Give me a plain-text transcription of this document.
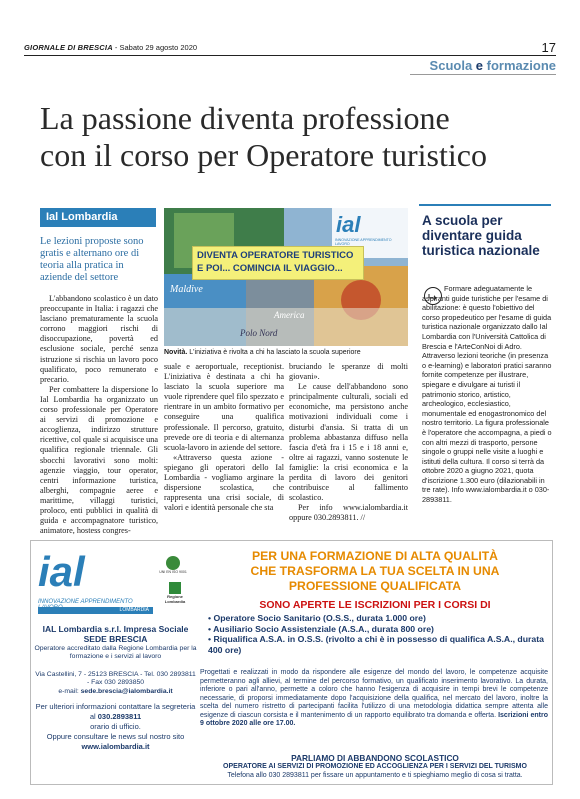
GIORNALE DI BRESCIA - Sabato 29 agosto 2020	17
Scuola e formazione
La passione diventa professione
con il corso per Operatore turistico
Ial Lombardia
Le lezioni proposte sono gratis e alternano ore di teoria alla pratica in aziende del settore

L'abbandono scolastico è un dato preoccupante in Italia: i ragazzi che lasciano prematuramente la scuola corrono maggiori rischi di disoccupazione, povertà ed esclusione sociale, perché senza istruzione si rischia un lavoro poco qualificato, poco remunerato e precario.

Per combattere la dispersione lo Ial Lombardia ha organizzato un corso professionale per Operatore ai servizi di promozione e accoglienza, indirizzo strutture ricettive, col quale si acquisisce una qualifica regionale triennale. Gli sbocchi lavorativi sono molti: agenzie viaggio, tour operator, centri informazione turistica, alberghi, compagnie aeree e marittime, villaggi turistici, proloco, enti pubblici in qualità di guida e accompagnatore turistico, animatore, hostess congres-

ial
INNOVAZIONE APPRENDIMENTO LAVORO
DIVENTA OPERATORE TURISTICO
E POI... COMINCIA IL VIAGGIO...
Maldive
America
Polo Nord
Novità. L'iniziativa è rivolta a chi ha lasciato la scuola superiore

suale e aeroportuale, receptionist. L'iniziativa è destinata a chi ha lasciato la scuola superiore ma vuole riprendere quel filo spezzato e rientrare in un ambito formativo per conseguire una qualifica professionale. Il percorso, gratuito, prevede ore di teoria e di alternanza scuola-lavoro in aziende del settore.

«Attraverso questa azione - spiegano gli operatori dello Ial Lombardia - vogliamo arginare la dispersione scolastica, che rappresenta una crisi sociale, di valori e identità personale che sta

bruciando le speranze di molti giovani».

Le cause dell'abbandono sono principalmente culturali, sociali ed economiche, ma persistono anche motivazioni individuali come i disturbi d'ansia. Si tratta di un problema abbastanza diffuso nella fascia d'età fra i 15 e i 18 anni e, oltre ai ragazzi, vanno sostenute le famiglie: la crisi economica e la perdita di lavoro dei genitori contribuisce al fallimento scolastico.

Per info www.ialombardia.it oppure 030.2893811. //

A scuola per diventare guida turistica nazionale
Formare adeguatamente le aspiranti guide turistiche per l'esame di abilitazione: è questo l'obiettivo del corso propedeutico per l'esame di guida turistica nazionale organizzato dallo Ial Lombardia con l'Università Cattolica di Brescia e l'ArteConNoi di Adro. Attraverso lezioni teoriche (in presenza o e-learning) e laboratori pratici saranno fornite competenze per illustrare, spiegare e divulgare ai turisti il patrimonio storico, artistico, archeologico, ecclesiastico, monumentale ed enogastronomico del nostro territorio. La figura professionale è l'operatore che accompagna, a piedi o con altri mezzi di trasporto, persone singole o gruppi nelle visite a luoghi e istituti della cultura. Il corso si terrà da ottobre 2020 a giugno 2021, quota d'iscrizione 1.300 euro (dilazionabili in tre rate). Info www.ialombardia.it o 030-2893811.
ial
INNOVAZIONE APPRENDIMENTO
LOMBARDIA
UNI EN ISO 9001
Regione Lombardia
IAL Lombardia s.r.l. Impresa Sociale SEDE BRESCIA
Operatore accreditato dalla Regione Lombardia per la formazione e i servizi al lavoro
Via Castellini, 7 - 25123 BRESCIA - Tel. 030 2893811 - Fax 030 2893850
e-mail: sede.brescia@ialombardia.it
Per ulteriori informazioni contattare la segreteria al 030.2893811
orario di ufficio.
Oppure consultare le news sul nostro sito www.ialombardia.it
PER UNA FORMAZIONE DI ALTA QUALITÀ
CHE TRASFORMA LA TUA SCELTA IN UNA
PROFESSIONE QUALIFICATA
SONO APERTE LE ISCRIZIONI PER I CORSI DI
• Operatore Socio Sanitario (O.S.S., durata 1.000 ore)
• Ausiliario Socio Assistenziale (A.S.A., durata 800 ore)
• Riqualifica A.S.A. in O.S.S. (rivolto a chi è in possesso di qualifica A.S.A., durata 400 ore)
Progettati e realizzati in modo da rispondere alle esigenze del mondo del lavoro, le competenze acquisite permetteranno agli allievi, al termine del percorso formativo, un qualificato inserimento lavorativo. La durata, inferiore o pari all'anno, permette a coloro che hanno l'esigenza di acquisire in tempi brevi le competenze necessarie, di proporsi immediatamente dopo l'acquisizione della qualifica, nel mercato del lavoro, inoltre la scelta del numero ristretto di partecipanti facilita l'utilizzo di una metodologia didattica sempre attenta alle esigenze di ciascun corsista e il mantenimento di un rapporto equilibrato tra domanda e offerta. Iscrizioni entro 9 ottobre 2020 alle ore 17.00.
PARLIAMO DI ABBANDONO SCOLASTICO
OPERATORE AI SERVIZI DI PROMOZIONE ED ACCOGLIENZA PER I SERVIZI DEL TURISMO
Telefona allo 030 2893811 per fissare un appuntamento e ti spieghiamo meglio di cosa si tratta.
